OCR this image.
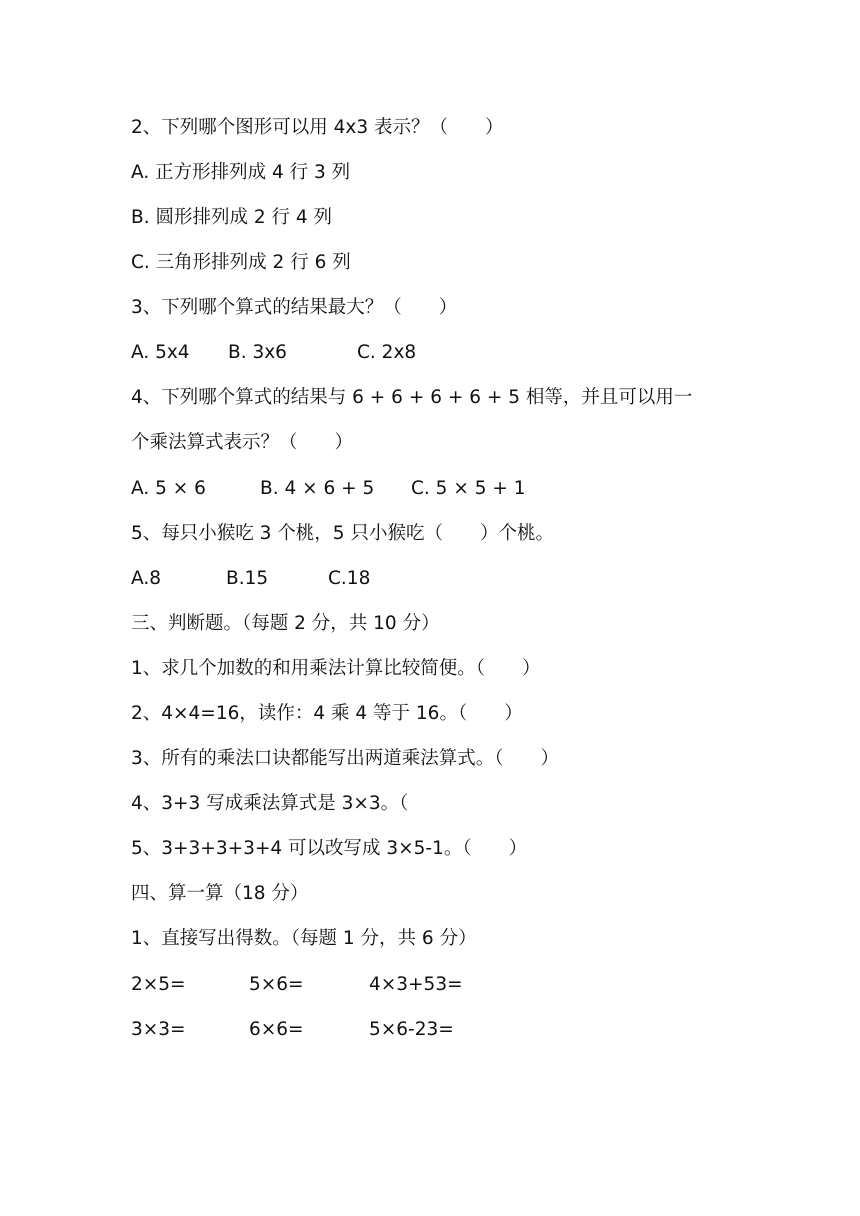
2、下列哪个图形可以用 4x3 表示？（　　）
A. 正方形排列成 4 行 3 列
B. 圆形排列成 2 行 4 列
C. 三角形排列成 2 行 6 列
3、下列哪个算式的结果最大？（　　）
A. 5x4 B. 3x6	C. 2x8
4、下列哪个算式的结果与 6 + 6 + 6 + 6 + 5 相等，并且可以用一
个乘法算式表示？（　　）
A. 5 × 6	B. 4 × 6 + 5 C. 5 × 5 + 1
5、每只小猴吃 3 个桃，5 只小猴吃（　　）个桃。
A.8	B.15	C.18
三、判断题。（每题 2 分，共 10 分）
1、求几个加数的和用乘法计算比较简便。（　　）
2、4×4=16，读作：4 乘 4 等于 16。（　　）
3、所有的乘法口诀都能写出两道乘法算式。（　　）
4、3+3 写成乘法算式是 3×3。（
5、3+3+3+3+4 可以改写成 3×5-1。（　　）
四、算一算（18 分）
1、直接写出得数。（每题 1 分，共 6 分）
2×5=	5×6=	4×3+53=
3×3=	6×6=	5×6-23=
